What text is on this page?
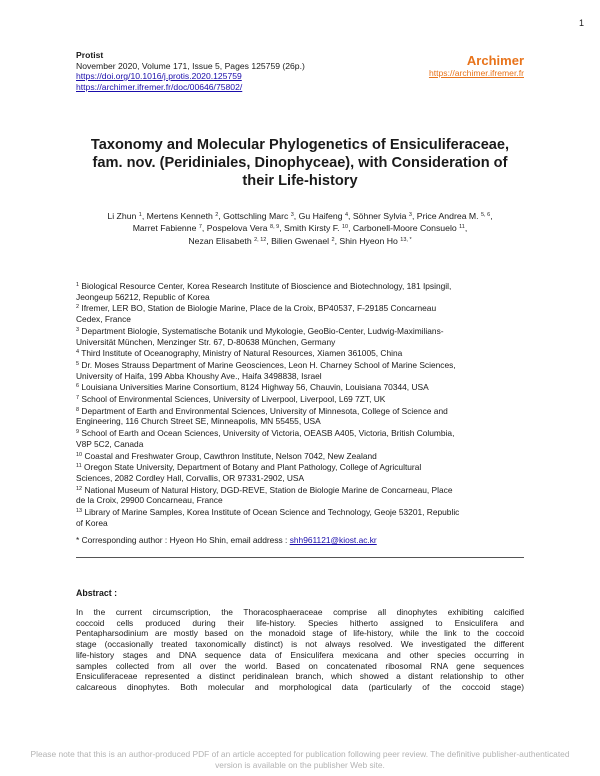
1
Protist
November 2020, Volume 171, Issue 5, Pages 125759 (26p.)
https://doi.org/10.1016/j.protis.2020.125759
https://archimer.ifremer.fr/doc/00646/75802/
Archimer
https://archimer.ifremer.fr
Taxonomy and Molecular Phylogenetics of Ensiculiferaceae,
fam. nov. (Peridiniales, Dinophyceae), with Consideration of
their Life-history
Li Zhun $^1$, Mertens Kenneth $^2$, Gottschling Marc $^3$, Gu Haifeng $^4$, Söhner Sylvia $^3$, Price Andrea M. $^{5, 6}$,
Marret Fabienne $^7$, Pospelova Vera $^{8, 9}$, Smith Kirsty F. $^{10}$, Carbonell-Moore Consuelo $^{11}$,
Nezan Elisabeth $^{2, 12}$, Bilien Gwenael $^2$, Shin Hyeon Ho $^{13, *}$
$^1$ Biological Resource Center, Korea Research Institute of Bioscience and Biotechnology, 181 Ipsingil,
Jeongeup 56212, Republic of Korea
$^2$ Ifremer, LER BO, Station de Biologie Marine, Place de la Croix, BP40537, F-29185 Concarneau
Cedex, France
$^3$ Department Biologie, Systematische Botanik und Mykologie, GeoBio-Center, Ludwig-Maximilians-
Universität München, Menzinger Str. 67, D-80638 München, Germany
$^4$ Third Institute of Oceanography, Ministry of Natural Resources, Xiamen 361005, China
$^5$ Dr. Moses Strauss Department of Marine Geosciences, Leon H. Charney School of Marine Sciences,
University of Haifa, 199 Abba Khoushy Ave., Haifa 3498838, Israel
$^6$ Louisiana Universities Marine Consortium, 8124 Highway 56, Chauvin, Louisiana 70344, USA
$^7$ School of Environmental Sciences, University of Liverpool, Liverpool, L69 7ZT, UK
$^8$ Department of Earth and Environmental Sciences, University of Minnesota, College of Science and
Engineering, 116 Church Street SE, Minneapolis, MN 55455, USA
$^9$ School of Earth and Ocean Sciences, University of Victoria, OEASB A405, Victoria, British Columbia,
V8P 5C2, Canada
$^{10}$ Coastal and Freshwater Group, Cawthron Institute, Nelson 7042, New Zealand
$^{11}$ Oregon State University, Department of Botany and Plant Pathology, College of Agricultural
Sciences, 2082 Cordley Hall, Corvallis, OR 97331-2902, USA
$^{12}$ National Museum of Natural History, DGD-REVE, Station de Biologie Marine de Concarneau, Place
de la Croix, 29900 Concarneau, France
$^{13}$ Library of Marine Samples, Korea Institute of Ocean Science and Technology, Geoje 53201, Republic
of Korea
* Corresponding author : Hyeon Ho Shin, email address : shh961121@kiost.ac.kr
Abstract :
In the current circumscription, the Thoracosphaeraceae comprise all dinophytes exhibiting calcified
coccoid cells produced during their life-history. Species hitherto assigned to Ensiculifera and
Pentapharsodinium are mostly based on the monadoid stage of life-history, while the link to the coccoid
stage (occasionally treated taxonomically distinct) is not always resolved. We investigated the different
life-history stages and DNA sequence data of Ensiculifera mexicana and other species occurring in
samples collected from all over the world. Based on concatenated ribosomal RNA gene sequences
Ensiculiferaceae represented a distinct peridinalean branch, which showed a distant relationship to other
calcareous dinophytes. Both molecular and morphological data (particularly of the coccoid stage)
Please note that this is an author-produced PDF of an article accepted for publication following peer review. The definitive publisher-authenticated version is available on the publisher Web site.
